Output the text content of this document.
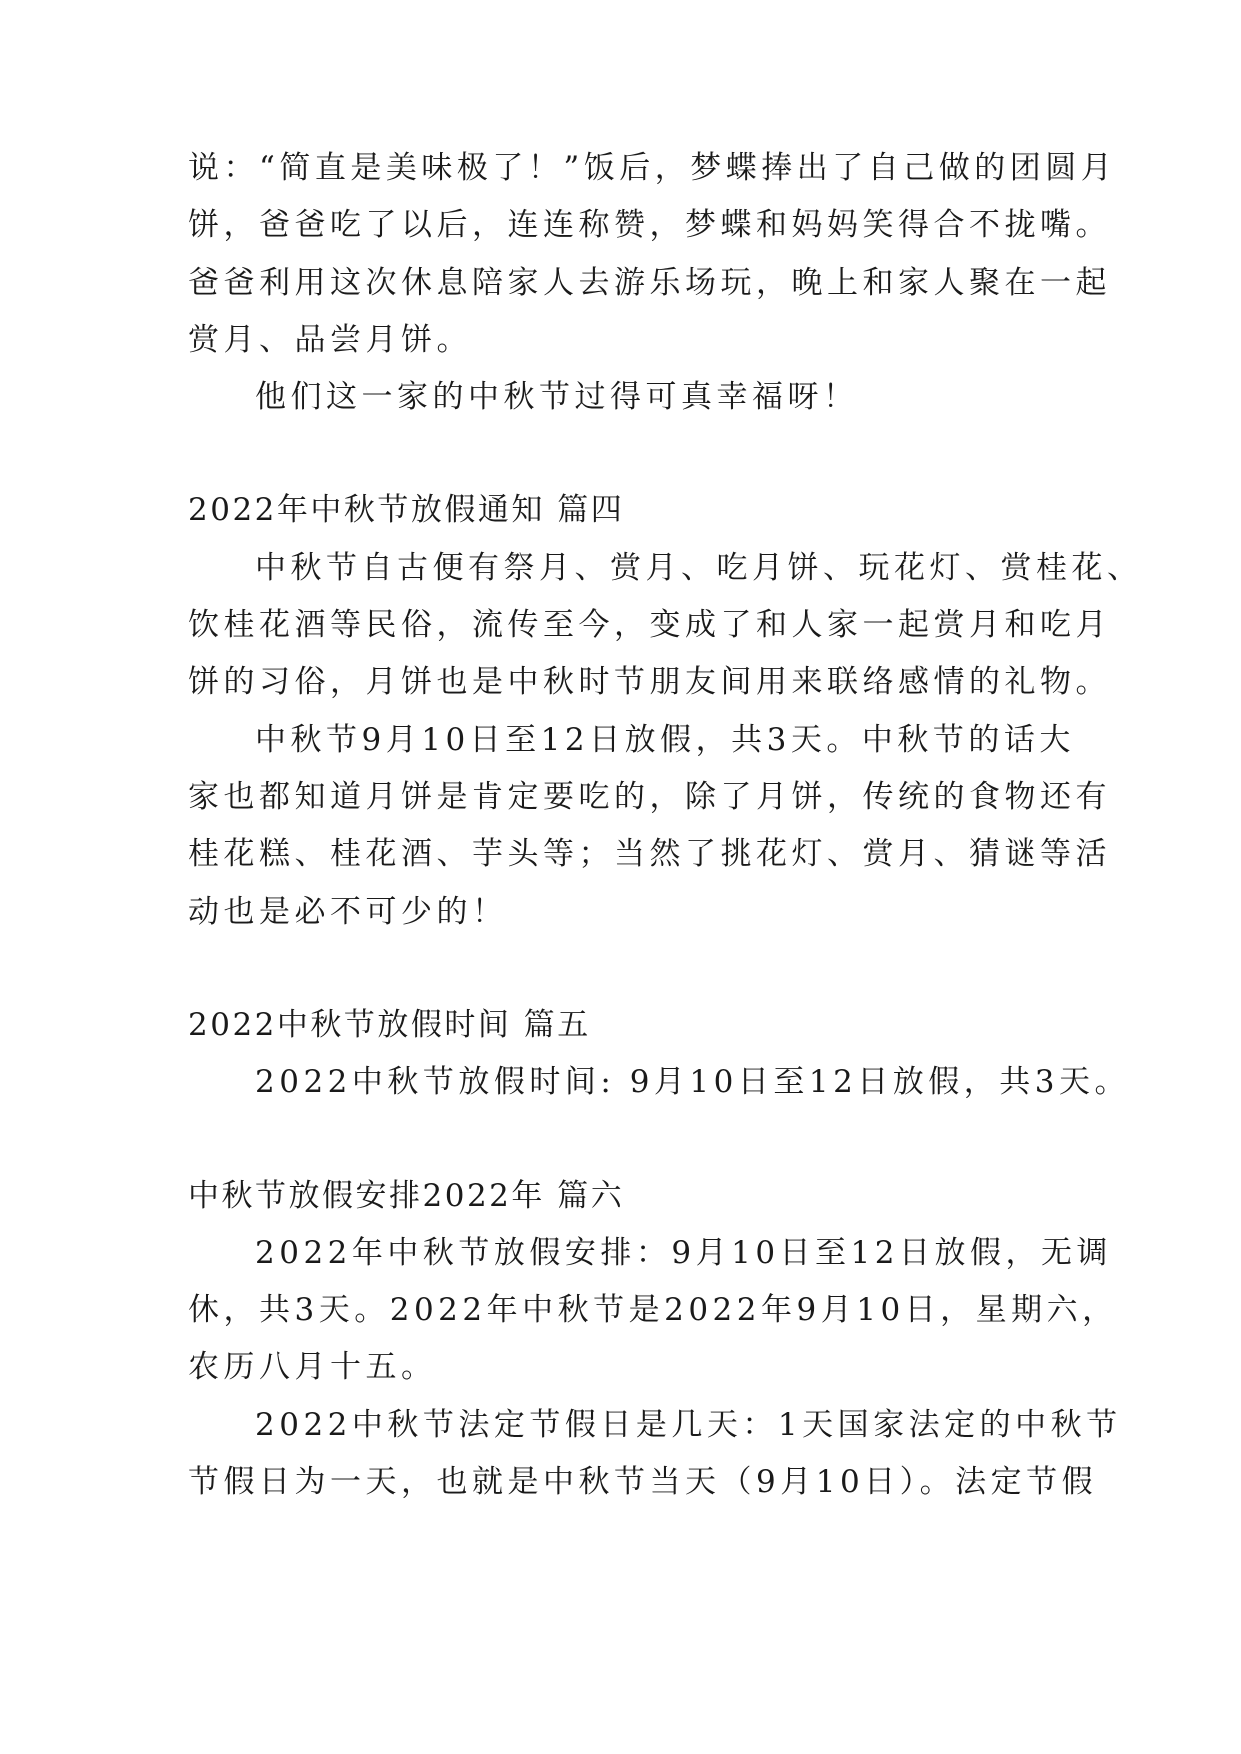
说：“简直是美味极了！”饭后，梦蝶捧出了自己做的团圆月
饼，爸爸吃了以后，连连称赞，梦蝶和妈妈笑得合不拢嘴。
爸爸利用这次休息陪家人去游乐场玩，晚上和家人聚在一起
赏月、品尝月饼。
他们这一家的中秋节过得可真幸福呀！
2022年中秋节放假通知 篇四
中秋节自古便有祭月、赏月、吃月饼、玩花灯、赏桂花、
饮桂花酒等民俗，流传至今，变成了和人家一起赏月和吃月
饼的习俗，月饼也是中秋时节朋友间用来联络感情的礼物。
中秋节9月10日至12日放假，共3天。中秋节的话大
家也都知道月饼是肯定要吃的，除了月饼，传统的食物还有
桂花糕、桂花酒、芋头等；当然了挑花灯、赏月、猜谜等活
动也是必不可少的！
2022中秋节放假时间 篇五
2022中秋节放假时间: 9月10日至12日放假，共3天。
中秋节放假安排2022年 篇六
2022年中秋节放假安排：9月10日至12日放假，无调
休，共3天。2022年中秋节是2022年9月10日，星期六，
农历八月十五。
2022中秋节法定节假日是几天：1天国家法定的中秋节
节假日为一天，也就是中秋节当天（9月10日）。法定节假
